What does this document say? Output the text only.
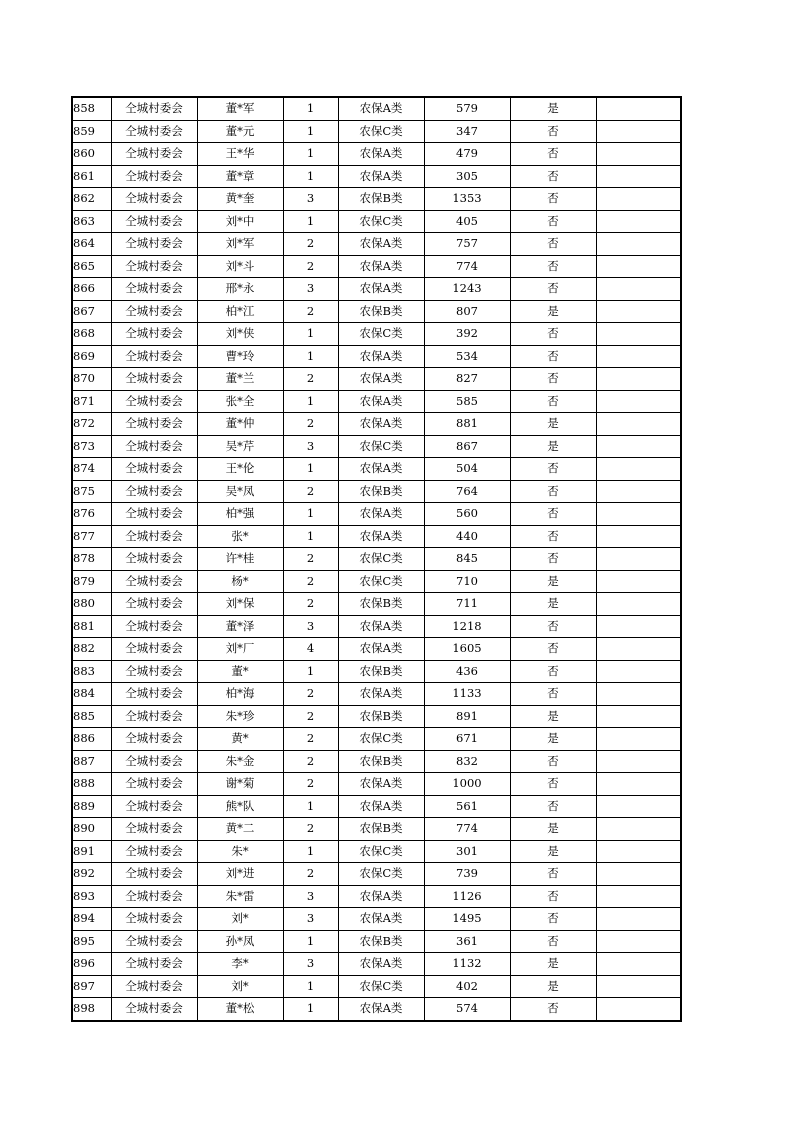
858	仝城村委会	董*军	1	农保A类	579	是	
859	仝城村委会	董*元	1	农保C类	347	否	
860	仝城村委会	王*华	1	农保A类	479	否	
861	仝城村委会	董*章	1	农保A类	305	否	
862	仝城村委会	黄*奎	3	农保B类	1353	否	
863	仝城村委会	刘*中	1	农保C类	405	否	
864	仝城村委会	刘*军	2	农保A类	757	否	
865	仝城村委会	刘*斗	2	农保A类	774	否	
866	仝城村委会	邢*永	3	农保A类	1243	否	
867	仝城村委会	柏*江	2	农保B类	807	是	
868	仝城村委会	刘*侠	1	农保C类	392	否	
869	仝城村委会	曹*玲	1	农保A类	534	否	
870	仝城村委会	董*兰	2	农保A类	827	否	
871	仝城村委会	张*全	1	农保A类	585	否	
872	仝城村委会	董*仲	2	农保A类	881	是	
873	仝城村委会	吴*芹	3	农保C类	867	是	
874	仝城村委会	王*伦	1	农保A类	504	否	
875	仝城村委会	吴*凤	2	农保B类	764	否	
876	仝城村委会	柏*强	1	农保A类	560	否	
877	仝城村委会	张*	1	农保A类	440	否	
878	仝城村委会	许*桂	2	农保C类	845	否	
879	仝城村委会	杨*	2	农保C类	710	是	
880	仝城村委会	刘*保	2	农保B类	711	是	
881	仝城村委会	董*泽	3	农保A类	1218	否	
882	仝城村委会	刘*厂	4	农保A类	1605	否	
883	仝城村委会	董*	1	农保B类	436	否	
884	仝城村委会	柏*海	2	农保A类	1133	否	
885	仝城村委会	朱*珍	2	农保B类	891	是	
886	仝城村委会	黄*	2	农保C类	671	是	
887	仝城村委会	朱*金	2	农保B类	832	否	
888	仝城村委会	谢*菊	2	农保A类	1000	否	
889	仝城村委会	熊*队	1	农保A类	561	否	
890	仝城村委会	黄*二	2	农保B类	774	是	
891	仝城村委会	朱*	1	农保C类	301	是	
892	仝城村委会	刘*进	2	农保C类	739	否	
893	仝城村委会	朱*雷	3	农保A类	1126	否	
894	仝城村委会	刘*	3	农保A类	1495	否	
895	仝城村委会	孙*凤	1	农保B类	361	否	
896	仝城村委会	李*	3	农保A类	1132	是	
897	仝城村委会	刘*	1	农保C类	402	是	
898	仝城村委会	董*松	1	农保A类	574	否	
